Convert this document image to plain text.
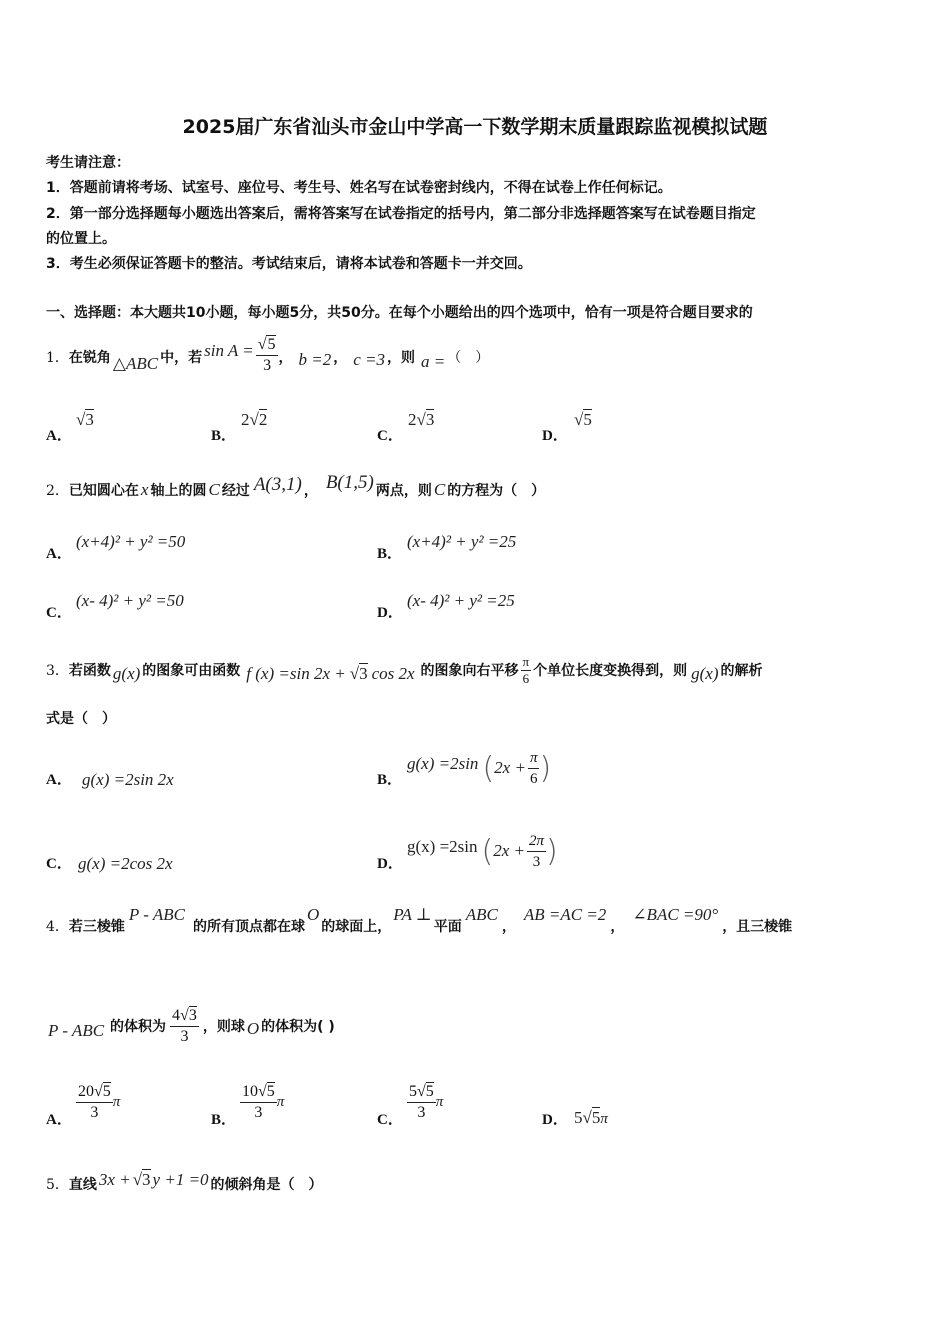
2025届广东省汕头市金山中学高一下数学期末质量跟踪监视模拟试题
考生请注意：
1．答题前请将考场、试室号、座位号、考生号、姓名写在试卷密封线内，不得在试卷上作任何标记。
2．第一部分选择题每小题选出答案后，需将答案写在试卷指定的括号内，第二部分非选择题答案写在试卷题目指定
的位置上。
3．考生必须保证答题卡的整洁。考试结束后，请将本试卷和答题卡一并交回。
一、选择题：本大题共10小题，每小题5分，共50分。在每个小题给出的四个选项中，恰有一项是符合题目要求的
1． 在锐角 △ABC 中，若 $\sin A = \frac{√5}{3}$ ， b =2 ， c =3 ，则 a = （　）
A．
√3
B．
2√2
C．
2√3
D．
√5
2． 已知圆心在 x 轴上的圆 C 经过 A(3,1) ， B(1,5) 两点，则 C 的方程为（　）
A．
(x+4)² + y² =50
B．
(x+4)² + y² =25
C．
(x- 4)² + y² =50
D．
(x- 4)² + y² =25
3． 若函数 g(x) 的图象可由函数 f (x) =sin 2x + √3 cos 2x 的图象向右平移 $\frac{\pi}{6}$ 个单位长度变换得到，则 g(x) 的解析
式是（　）
A． g(x) =2sin 2x	B．
g(x) =2sin ( $2x + \frac{\pi}{6}$ )
C． g(x) =2cos 2x	D．
g(x) =2sin ( $2x + \frac{2\pi}{3}$ )
4． 若三棱锥
P - ABC
的所有顶点都在球
O
的球面上，
PA ⊥
平面
ABC
，
AB =AC =2
，
∠BAC =90°
，且三棱锥
P - ABC 的体积为 $\frac{4√3}{3}$ ，则球 O 的体积为( )
A． $\frac{20√5}{3}$ π
B． $\frac{10√5}{3}$ π
C． $\frac{5√5}{3}$ π
D． 5√5π
5． 直线 3x + √3 y +1 =0 的倾斜角是（　）
